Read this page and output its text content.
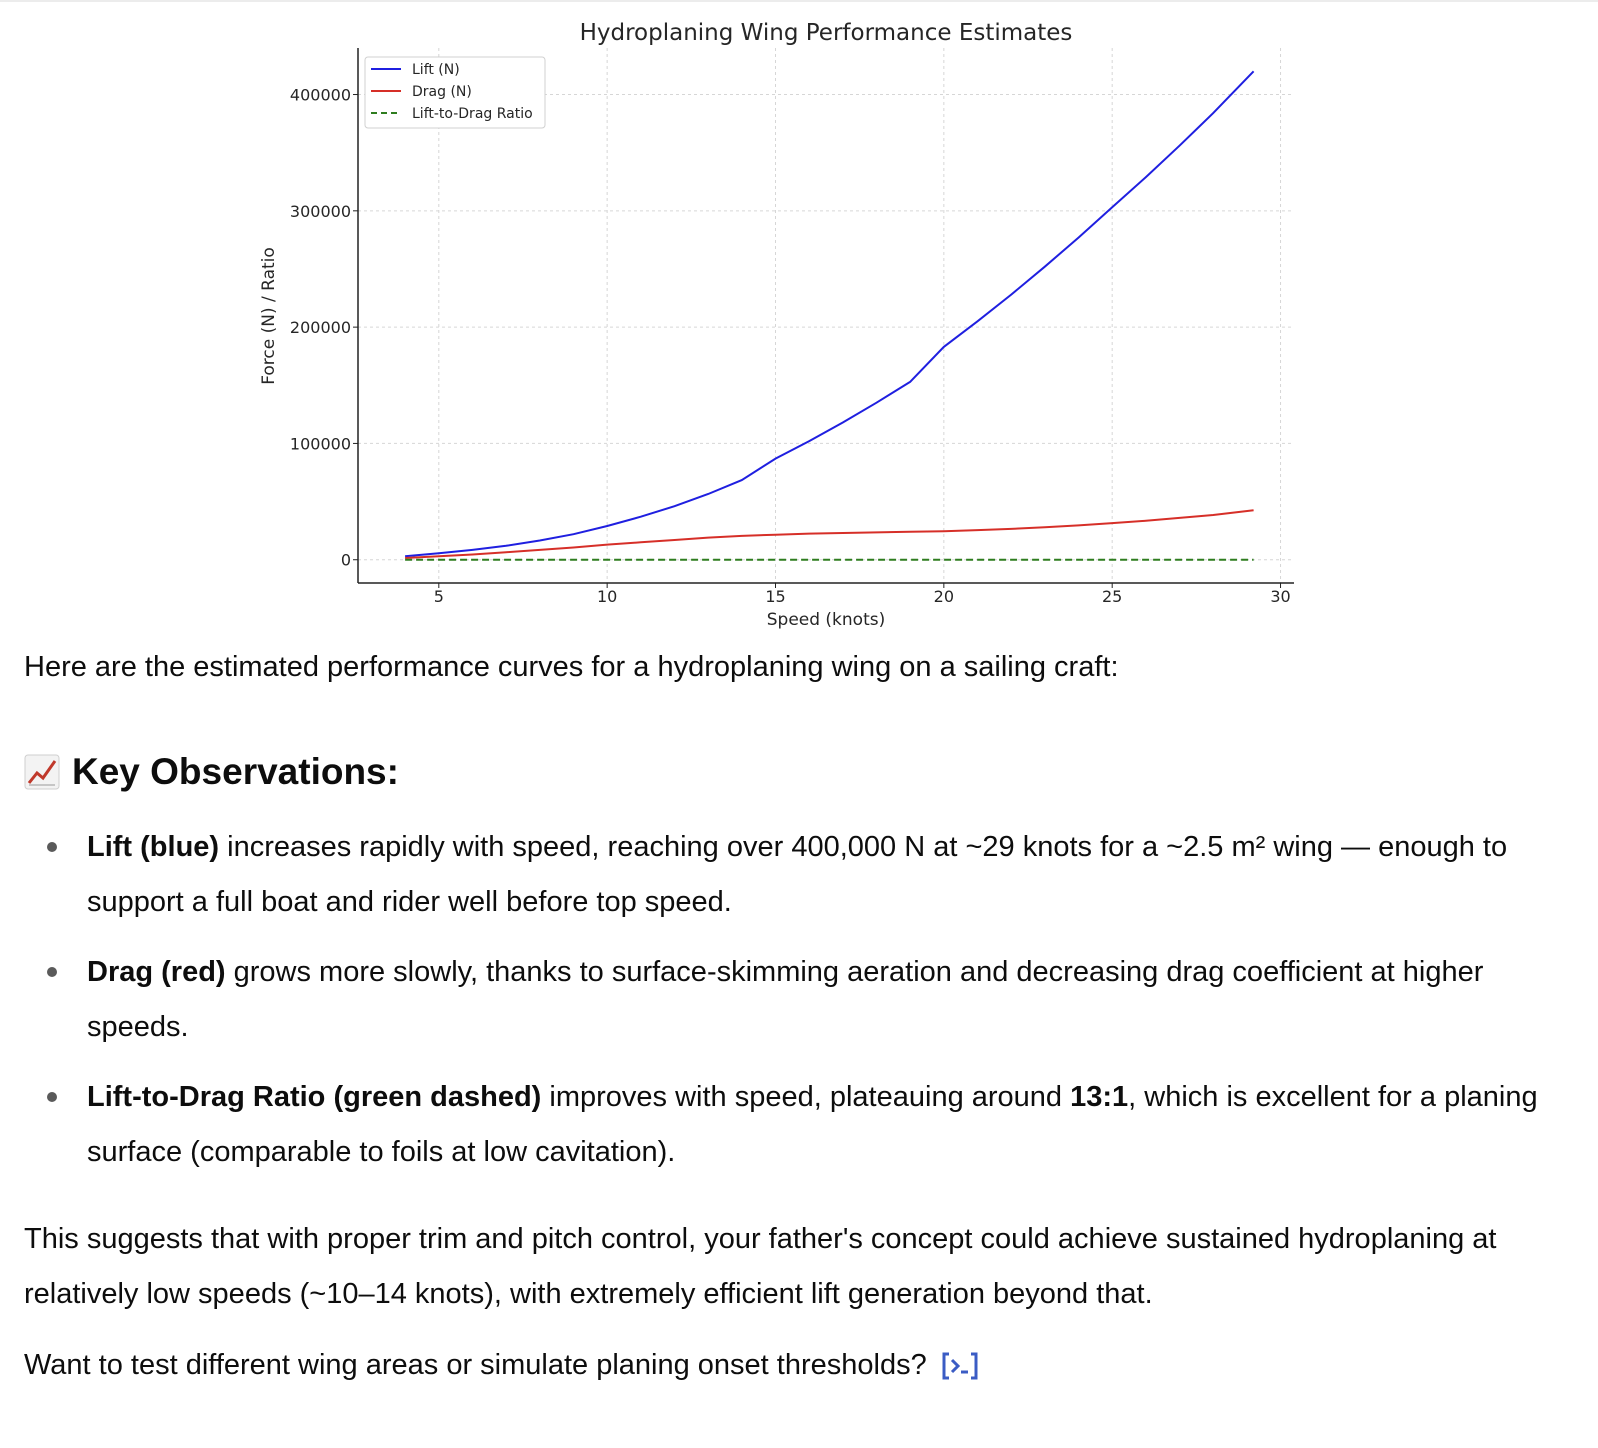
5	10	15	20	25	30
0
100000
200000
300000
400000
Hydroplaning Wing Performance Estimates
Speed (knots)
Force (N) / Ratio
Lift (N)
Drag (N)
Lift-to-Drag Ratio

Here are the estimated performance curves for a hydroplaning wing on a sailing craft:

Key Observations:
Lift (blue) increases rapidly with speed, reaching over 400,000 N at ~29 knots for a ~2.5 m² wing — enough to support a full boat and rider well before top speed.
Drag (red) grows more slowly, thanks to surface-skimming aeration and decreasing drag coefficient at higher speeds.
Lift-to-Drag Ratio (green dashed) improves with speed, plateauing around 13:1, which is excellent for a planing surface (comparable to foils at low cavitation).

This suggests that with proper trim and pitch control, your father's concept could achieve sustained hydroplaning at relatively low speeds (~10–14 knots), with extremely efficient lift generation beyond that.

Want to test different wing areas or simulate planing onset thresholds?
